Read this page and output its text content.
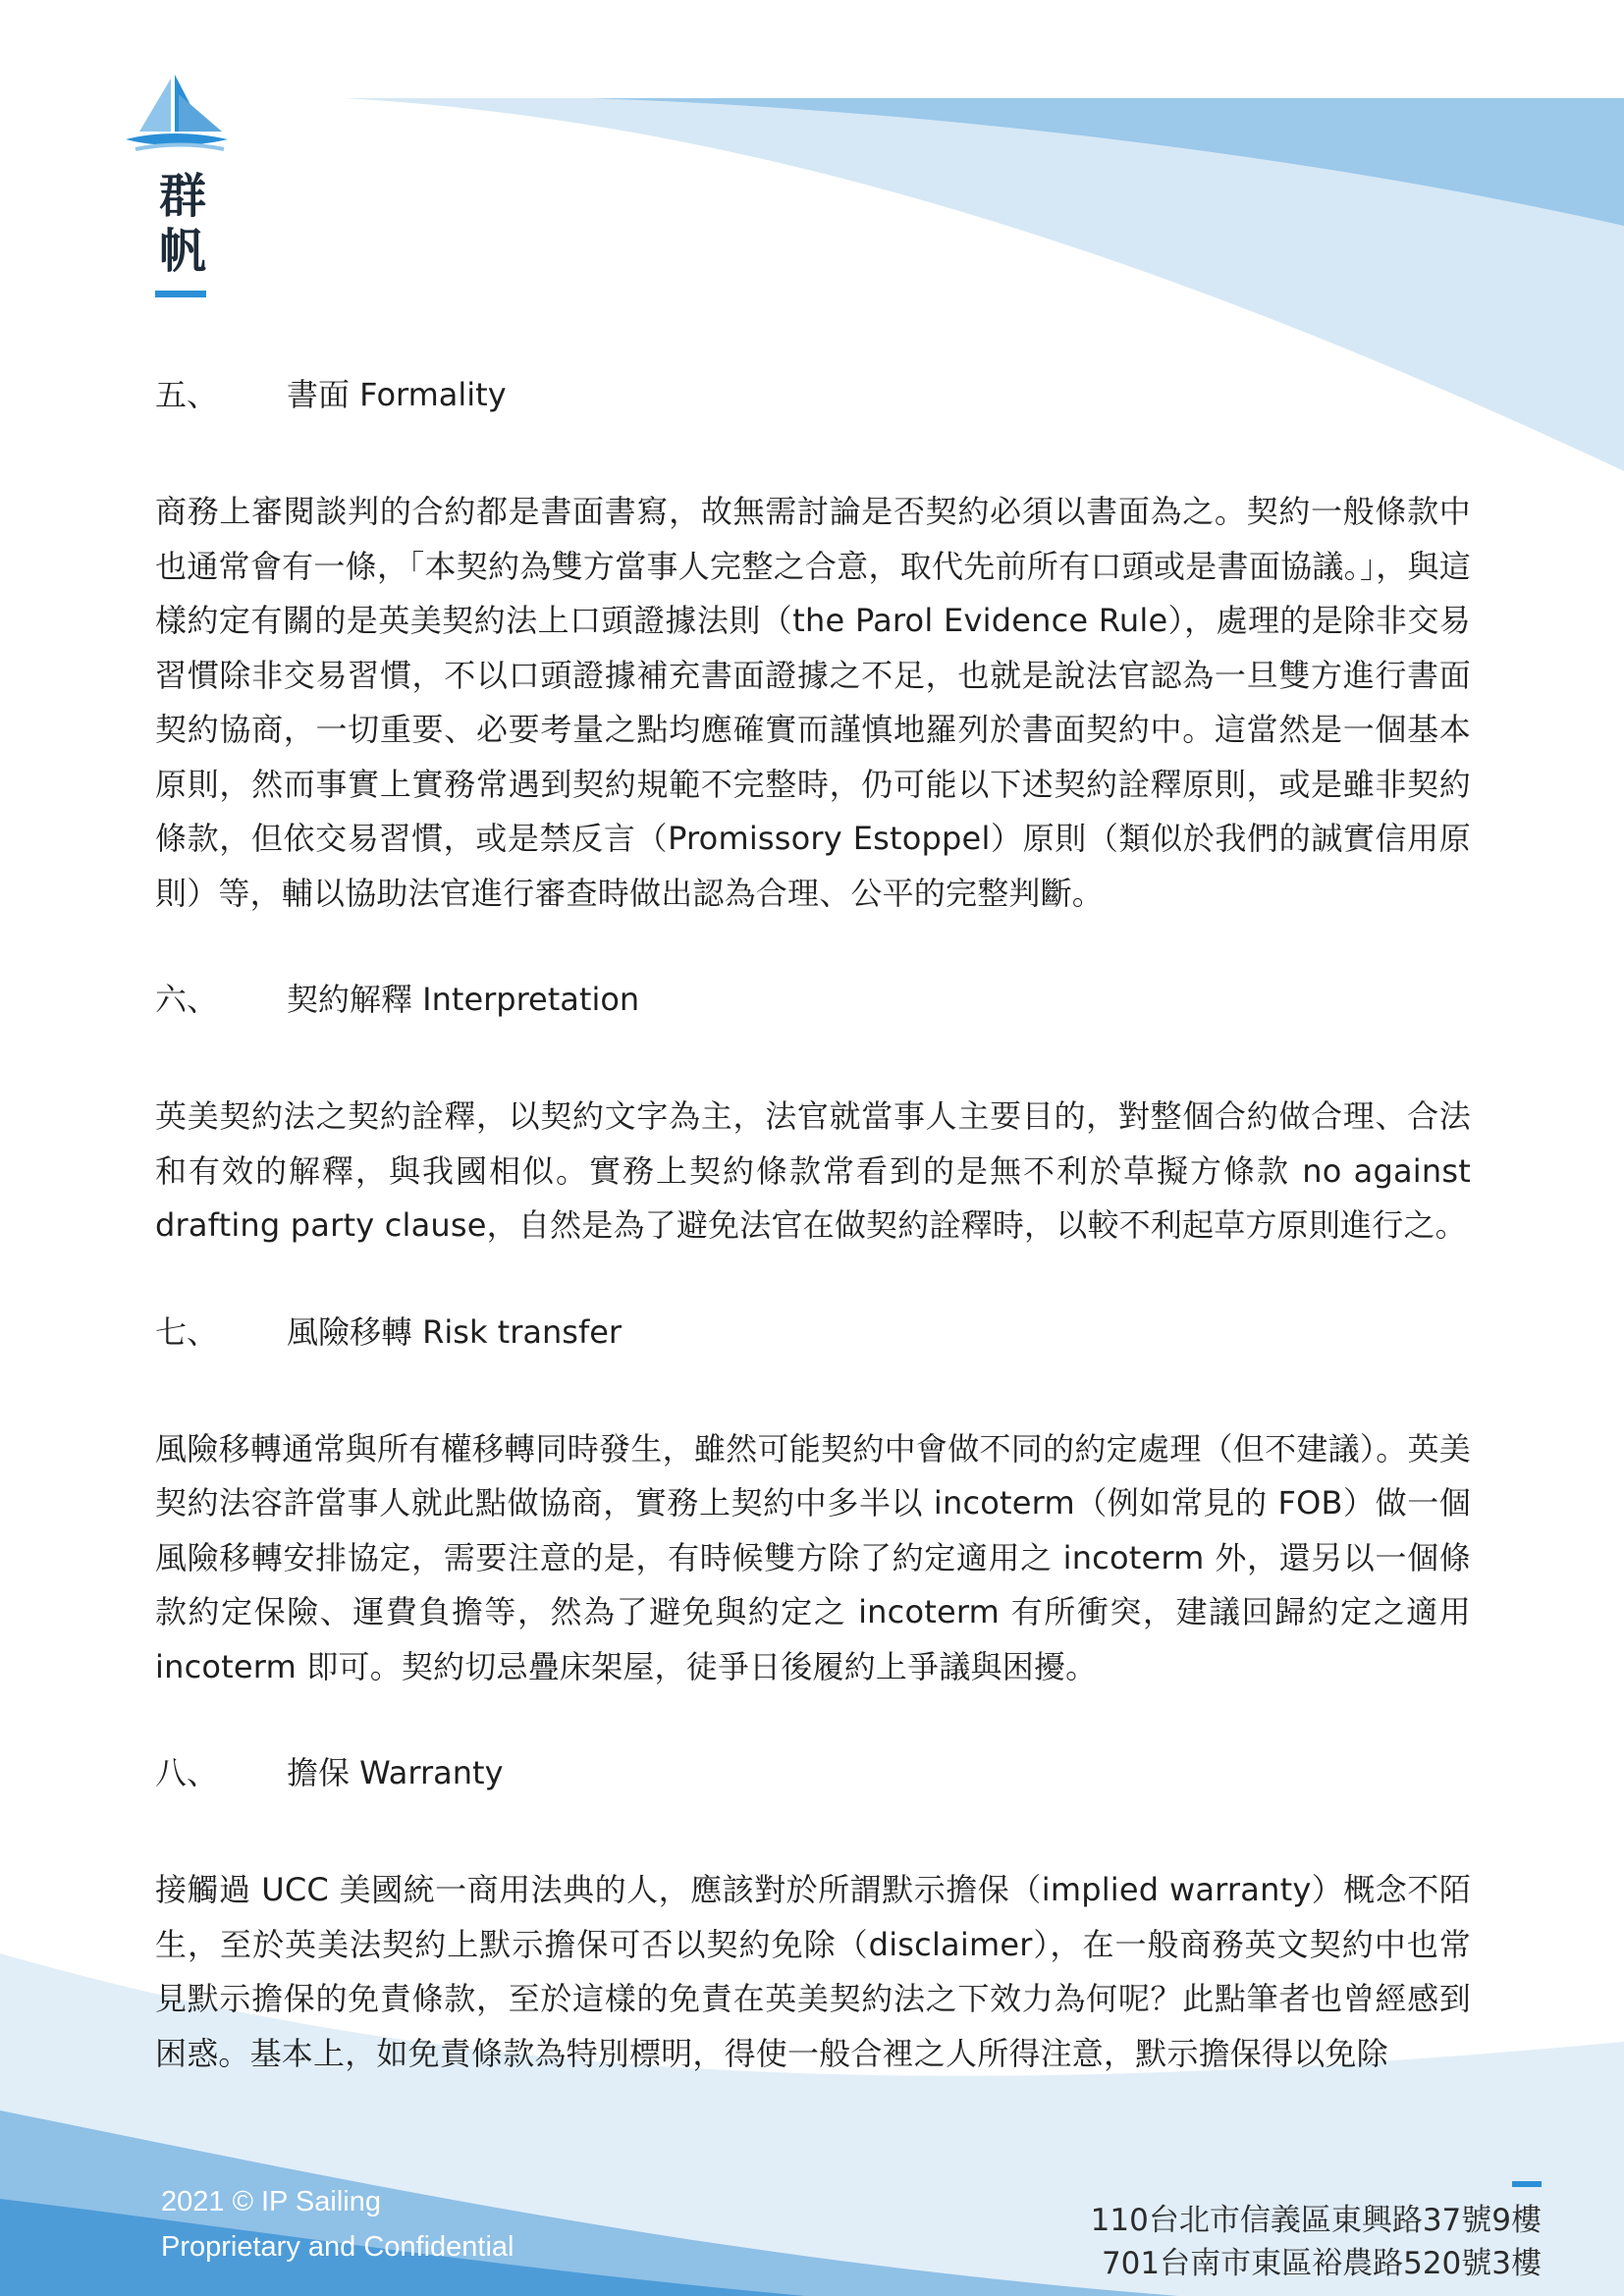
群
帆
五、	書面 Formality
商務上審閱談判的合約都是書面書寫，故無需討論是否契約必須以書面為之。契約一般條款中也通常會有一條，「本契約為雙方當事人完整之合意，取代先前所有口頭或是書面協議。」，與這樣約定有關的是英美契約法上口頭證據法則（the Parol Evidence Rule），處理的是除非交易習慣除非交易習慣，不以口頭證據補充書面證據之不足，也就是說法官認為一旦雙方進行書面契約協商，一切重要、必要考量之點均應確實而謹慎地羅列於書面契約中。這當然是一個基本原則，然而事實上實務常遇到契約規範不完整時，仍可能以下述契約詮釋原則，或是雖非契約條款，但依交易習慣，或是禁反言（Promissory Estoppel）原則（類似於我們的誠實信用原則）等，輔以協助法官進行審查時做出認為合理、公平的完整判斷。
六、	契約解釋 Interpretation
英美契約法之契約詮釋，以契約文字為主，法官就當事人主要目的，對整個合約做合理、合法和有效的解釋，與我國相似。實務上契約條款常看到的是無不利於草擬方條款 no against drafting party clause，自然是為了避免法官在做契約詮釋時，以較不利起草方原則進行之。
七、	風險移轉 Risk transfer
風險移轉通常與所有權移轉同時發生，雖然可能契約中會做不同的約定處理（但不建議）。英美契約法容許當事人就此點做協商，實務上契約中多半以 incoterm（例如常見的 FOB）做一個風險移轉安排協定，需要注意的是，有時候雙方除了約定適用之 incoterm 外，還另以一個條款約定保險、運費負擔等，然為了避免與約定之 incoterm 有所衝突，建議回歸約定之適用 incoterm 即可。契約切忌疊床架屋，徒爭日後履約上爭議與困擾。
八、	擔保 Warranty
接觸過 UCC 美國統一商用法典的人，應該對於所謂默示擔保（implied warranty）概念不陌生，至於英美法契約上默示擔保可否以契約免除（disclaimer），在一般商務英文契約中也常見默示擔保的免責條款，至於這樣的免責在英美契約法之下效力為何呢？此點筆者也曾經感到困惑。基本上，如免責條款為特別標明，得使一般合裡之人所得注意，默示擔保得以免除
2021 © IP Sailing
Proprietary and Confidential
110台北市信義區東興路37號9樓
701台南市東區裕農路520號3樓
